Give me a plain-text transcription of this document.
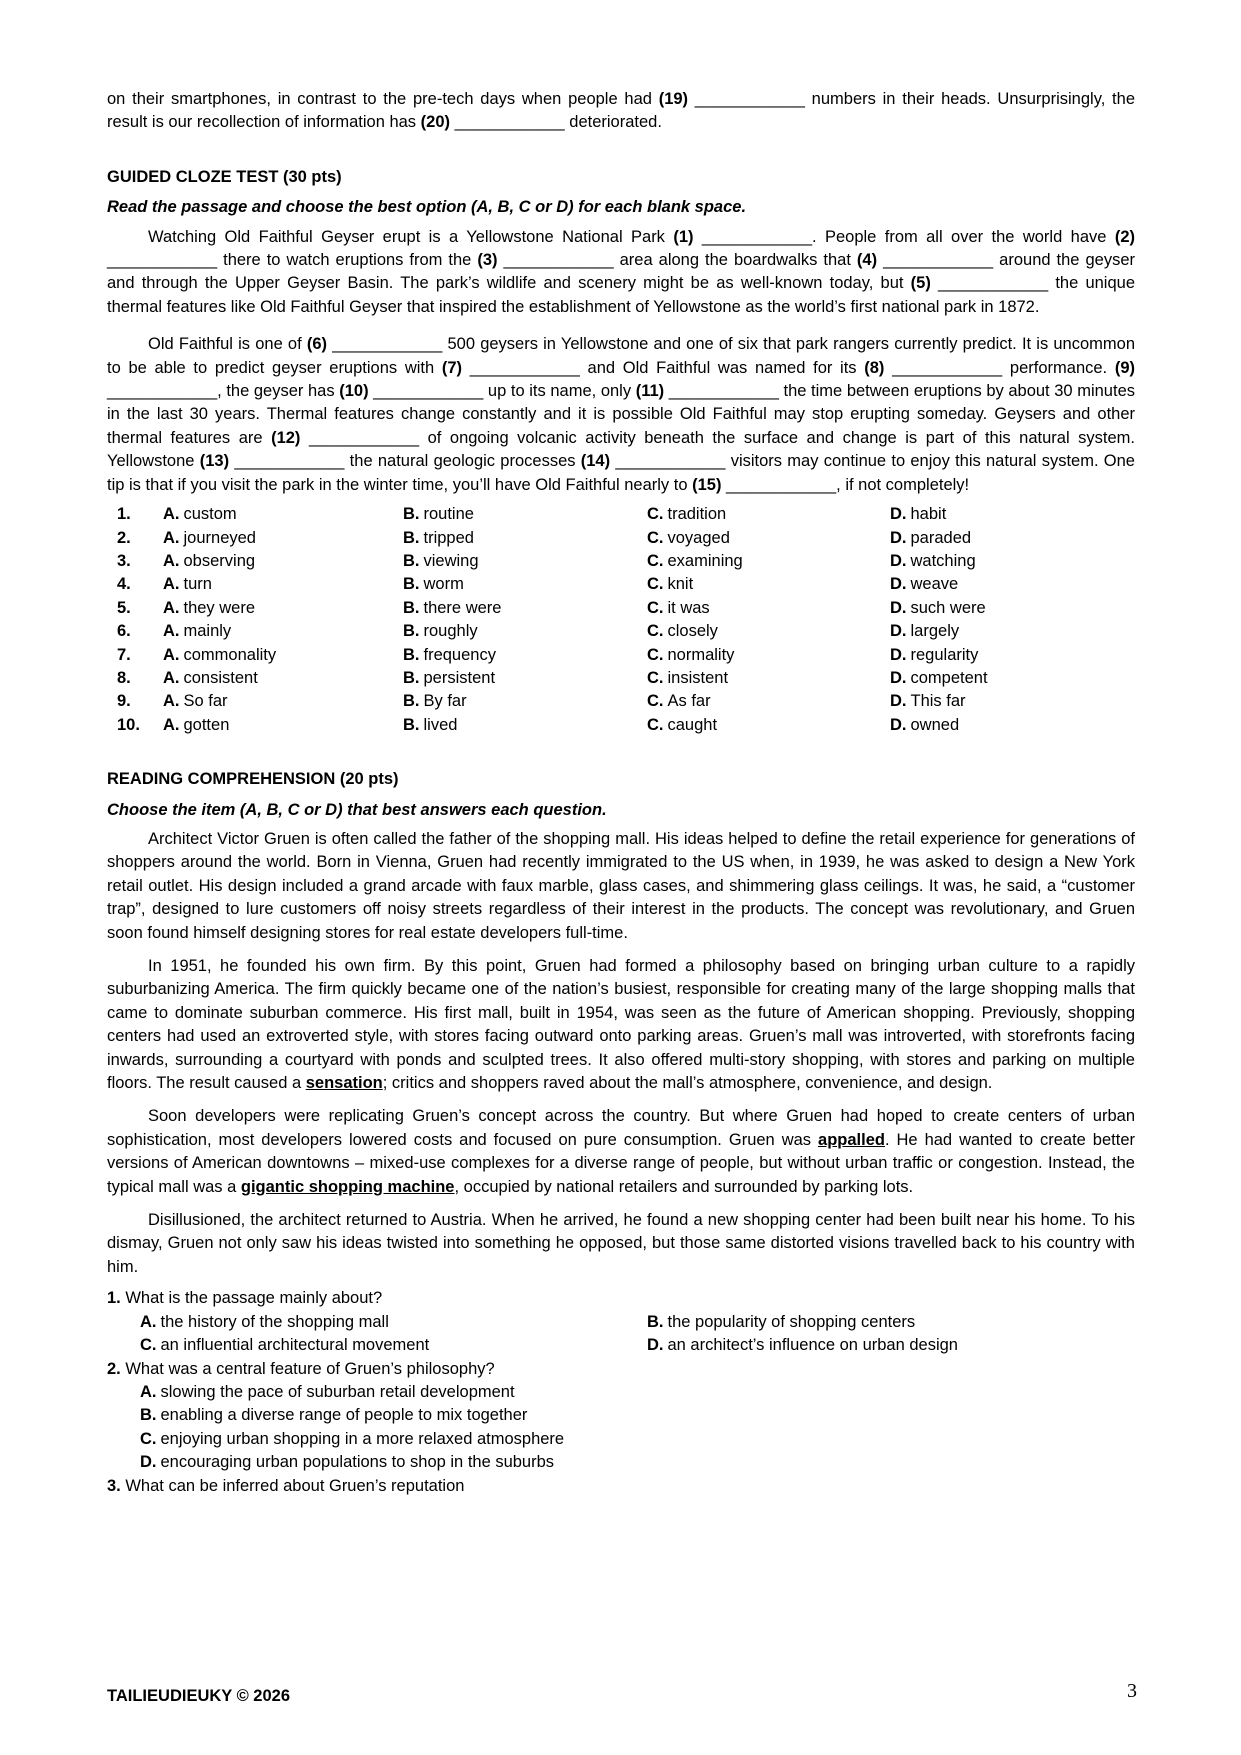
on their smartphones, in contrast to the pre-tech days when people had (19) ____________ numbers in their heads. Unsurprisingly, the result is our recollection of information has (20) ____________ deteriorated.

GUIDED CLOZE TEST (30 pts)

Read the passage and choose the best option (A, B, C or D) for each blank space.

Watching Old Faithful Geyser erupt is a Yellowstone National Park (1) ____________. People from all over the world have (2) ____________ there to watch eruptions from the (3) ____________ area along the boardwalks that (4) ____________ around the geyser and through the Upper Geyser Basin. The park’s wildlife and scenery might be as well-known today, but (5) ____________ the unique thermal features like Old Faithful Geyser that inspired the establishment of Yellowstone as the world’s first national park in 1872.

Old Faithful is one of (6) ____________ 500 geysers in Yellowstone and one of six that park rangers currently predict. It is uncommon to be able to predict geyser eruptions with (7) ____________ and Old Faithful was named for its (8) ____________ performance. (9) ____________, the geyser has (10) ____________ up to its name, only (11) ____________ the time between eruptions by about 30 minutes in the last 30 years. Thermal features change constantly and it is possible Old Faithful may stop erupting someday. Geysers and other thermal features are (12) ____________ of ongoing volcanic activity beneath the surface and change is part of this natural system. Yellowstone (13) ____________ the natural geologic processes (14) ____________ visitors may continue to enjoy this natural system. One tip is that if you visit the park in the winter time, you’ll have Old Faithful nearly to (15) ____________, if not completely!

1.	A. custom	B. routine	C. tradition	D. habit
2.	A. journeyed	B. tripped	C. voyaged	D. paraded
3.	A. observing	B. viewing	C. examining	D. watching
4.	A. turn	B. worm	C. knit	D. weave
5.	A. they were	B. there were	C. it was	D. such were
6.	A. mainly	B. roughly	C. closely	D. largely
7.	A. commonality	B. frequency	C. normality	D. regularity
8.	A. consistent	B. persistent	C. insistent	D. competent
9.	A. So far	B. By far	C. As far	D. This far
10.	A. gotten	B. lived	C. caught	D. owned

READING COMPREHENSION (20 pts)

Choose the item (A, B, C or D) that best answers each question.

Architect Victor Gruen is often called the father of the shopping mall. His ideas helped to define the retail experience for generations of shoppers around the world. Born in Vienna, Gruen had recently immigrated to the US when, in 1939, he was asked to design a New York retail outlet. His design included a grand arcade with faux marble, glass cases, and shimmering glass ceilings. It was, he said, a “customer trap”, designed to lure customers off noisy streets regardless of their interest in the products. The concept was revolutionary, and Gruen soon found himself designing stores for real estate developers full-time.

In 1951, he founded his own firm. By this point, Gruen had formed a philosophy based on bringing urban culture to a rapidly suburbanizing America. The firm quickly became one of the nation’s busiest, responsible for creating many of the large shopping malls that came to dominate suburban commerce. His first mall, built in 1954, was seen as the future of American shopping. Previously, shopping centers had used an extroverted style, with stores facing outward onto parking areas. Gruen’s mall was introverted, with storefronts facing inwards, surrounding a courtyard with ponds and sculpted trees. It also offered multi-story shopping, with stores and parking on multiple floors. The result caused a sensation; critics and shoppers raved about the mall’s atmosphere, convenience, and design.

Soon developers were replicating Gruen’s concept across the country. But where Gruen had hoped to create centers of urban sophistication, most developers lowered costs and focused on pure consumption. Gruen was appalled. He had wanted to create better versions of American downtowns – mixed-use complexes for a diverse range of people, but without urban traffic or congestion. Instead, the typical mall was a gigantic shopping machine, occupied by national retailers and surrounded by parking lots.

Disillusioned, the architect returned to Austria. When he arrived, he found a new shopping center had been built near his home. To his dismay, Gruen not only saw his ideas twisted into something he opposed, but those same distorted visions travelled back to his country with him.

1. What is the passage mainly about?
A. the history of the shopping mall	B. the popularity of shopping centers
C. an influential architectural movement	D. an architect’s influence on urban design
2. What was a central feature of Gruen’s philosophy?
A. slowing the pace of suburban retail development
B. enabling a diverse range of people to mix together
C. enjoying urban shopping in a more relaxed atmosphere
D. encouraging urban populations to shop in the suburbs
3. What can be inferred about Gruen’s reputation
TAILIEUDIEUKY © 2026	3
